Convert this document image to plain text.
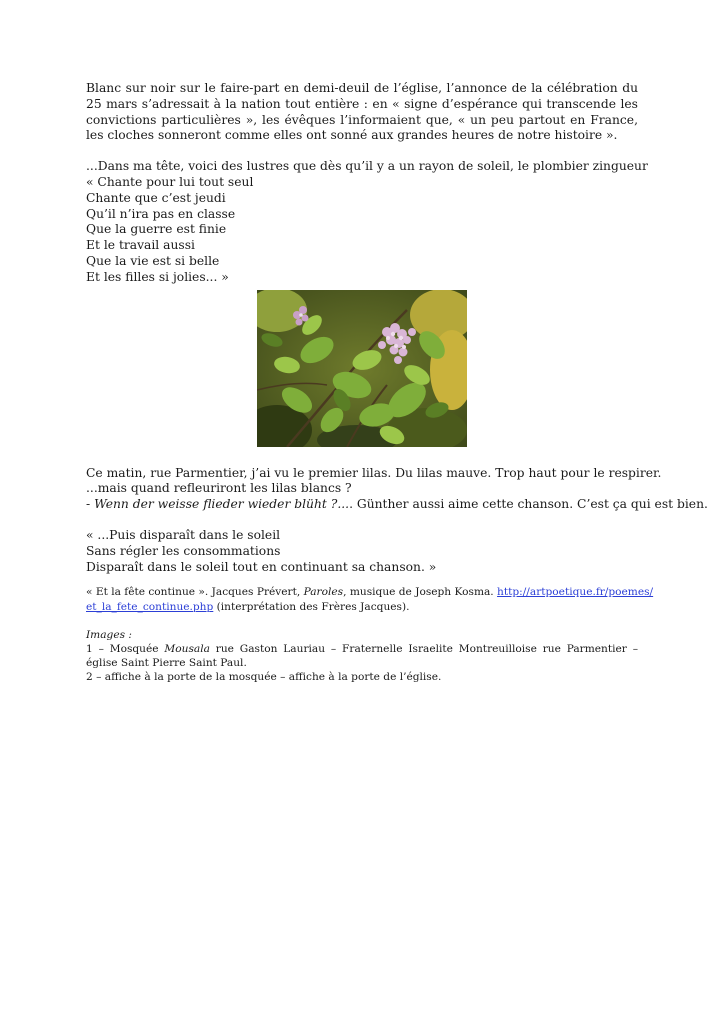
Blanc sur noir sur le faire-part en demi-deuil de l’église, l’annonce de la célébration du 25 mars s’adressait à la nation tout entière : en « signe d’espérance qui transcende les convictions particulières », les évêques l’informaient que, « un peu partout en France, les cloches sonneront comme elles ont sonné aux grandes heures de notre histoire ».

...Dans ma tête, voici des lustres que dès qu’il y a un rayon de soleil, le plombier zingueur
« Chante pour lui tout seul
Chante que c’est jeudi
Qu’il n’ira pas en classe
Que la guerre est finie
Et le travail aussi
Que la vie est si belle
Et les filles si jolies... »
Ce matin, rue Parmentier, j’ai vu le premier lilas. Du lilas mauve. Trop haut pour le respirer.
...mais quand refleuriront les lilas blancs ?
- Wenn der weisse flieder wieder blüht ?.... Günther aussi aime cette chanson. C’est ça qui est bien.
« ...Puis disparaît dans le soleil
Sans régler les consommations
Disparaît dans le soleil tout en continuant sa chanson. »
« Et la fête continue ». Jacques Prévert, Paroles, musique de Joseph Kosma. http://artpoetique.fr/poemes/
et_la_fete_continue.php (interprétation des Frères Jacques).
Images :
1 – Mosquée Mousala rue Gaston Lauriau – Fraternelle Israelite Montreuilloise rue Parmentier – église Saint Pierre Saint Paul.
2 – affiche à la porte de la mosquée – affiche à la porte de l’église.
